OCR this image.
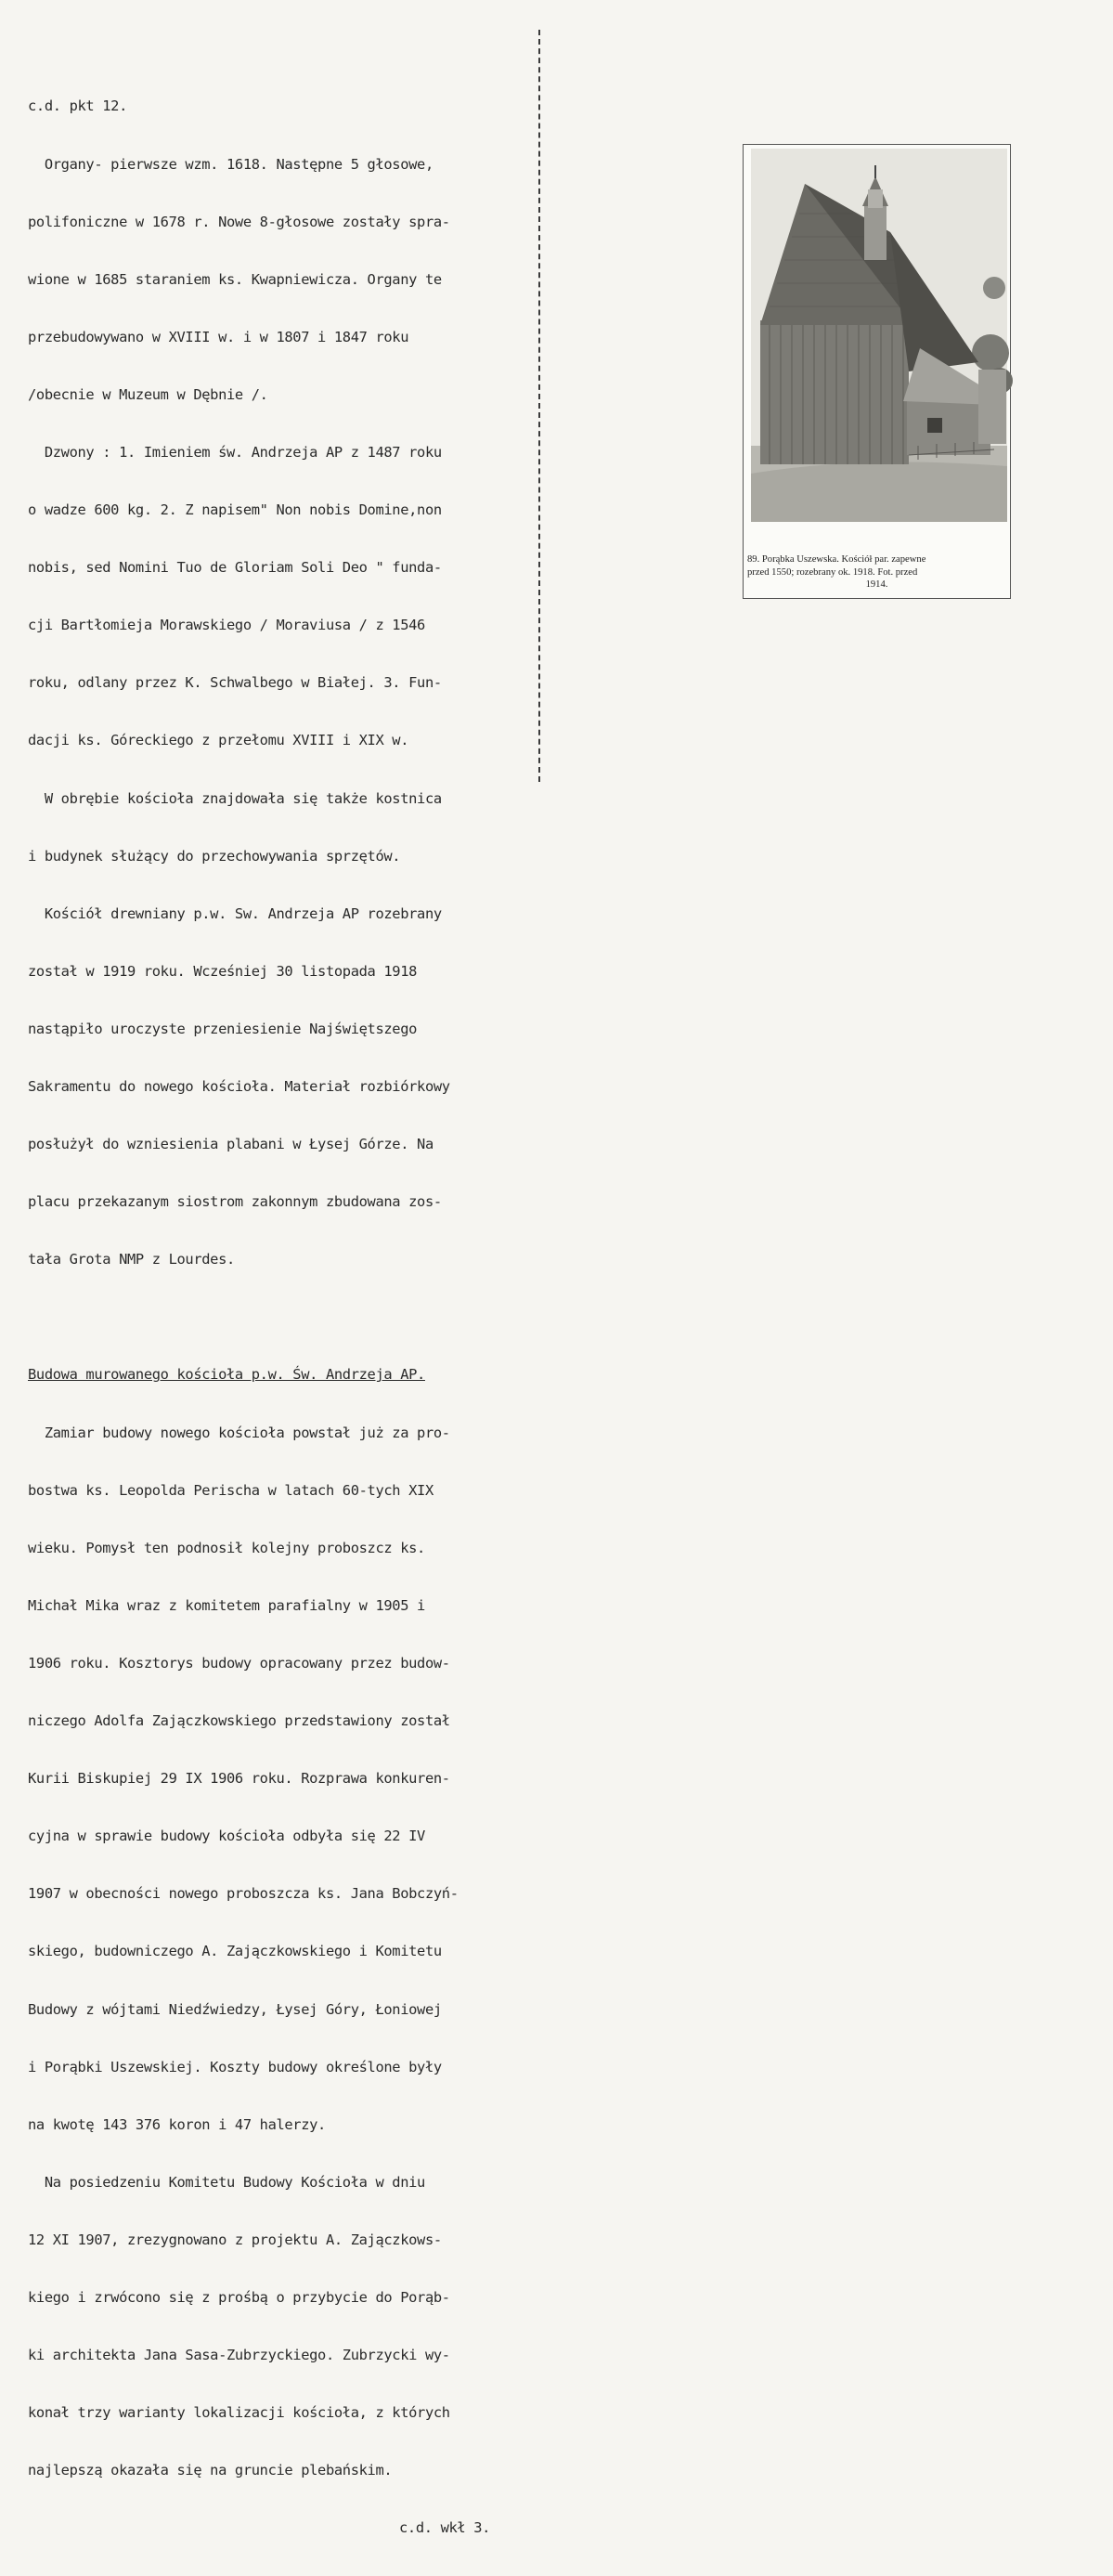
c.d. pkt 12.

Organy- pierwsze wzm. 1618. Następne 5 głosowe,

polifoniczne w 1678 r. Nowe 8-głosowe zostały spra-

wione w 1685 staraniem ks. Kwapniewicza. Organy te

przebudowywano w XVIII w. i w 1807 i 1847 roku

/obecnie w Muzeum w Dębnie /.

Dzwony : 1. Imieniem św. Andrzeja AP z 1487 roku

o wadze 600 kg. 2. Z napisem" Non nobis Domine,non

nobis, sed Nomini Tuo de Gloriam Soli Deo " funda-

cji Bartłomieja Morawskiego / Moraviusa / z 1546

roku, odlany przez K. Schwalbego w Białej. 3. Fun-

dacji ks. Góreckiego z przełomu XVIII i XIX w.

W obrębie kościoła znajdowała się także kostnica

i budynek służący do przechowywania sprzętów.

Kościół drewniany p.w. Sw. Andrzeja AP rozebrany

został w 1919 roku. Wcześniej 30 listopada 1918

nastąpiło uroczyste przeniesienie Najświętszego

Sakramentu do nowego kościoła. Materiał rozbiórkowy

posłużył do wzniesienia plabani w Łysej Górze. Na

placu przekazanym siostrom zakonnym zbudowana zos-

tała Grota NMP z Lourdes.

Budowa murowanego kościoła p.w. Św. Andrzeja AP.

Zamiar budowy nowego kościoła powstał już za pro-

bostwa ks. Leopolda Perischa w latach 60-tych XIX

wieku. Pomysł ten podnosił kolejny proboszcz ks.

Michał Mika wraz z komitetem parafialny w 1905 i

1906 roku. Kosztorys budowy opracowany przez budow-

niczego Adolfa Zajączkowskiego przedstawiony został

Kurii Biskupiej 29 IX 1906 roku. Rozprawa konkuren-

cyjna w sprawie budowy kościoła odbyła się 22 IV

1907 w obecności nowego proboszcza ks. Jana Bobczyń-

skiego, budowniczego A. Zajączkowskiego i Komitetu

Budowy z wójtami Niedźwiedzy, Łysej Góry, Łoniowej

i Porąbki Uszewskiej. Koszty budowy określone były

na kwotę 143 376 koron i 47 halerzy.

Na posiedzeniu Komitetu Budowy Kościoła w dniu

12 XI 1907, zrezygnowano z projektu A. Zajączkows-

kiego i zrwócono się z prośbą o przybycie do Porąb-

ki architekta Jana Sasa-Zubrzyckiego. Zubrzycki wy-

konał trzy warianty lokalizacji kościoła, z których

najlepszą okazała się na gruncie plebańskim.

c.d. wkł 3.

89. Porąbka Uszewska. Kościół par. zapewne
przed 1550; rozebrany ok. 1918. Fot. przed
1914.
